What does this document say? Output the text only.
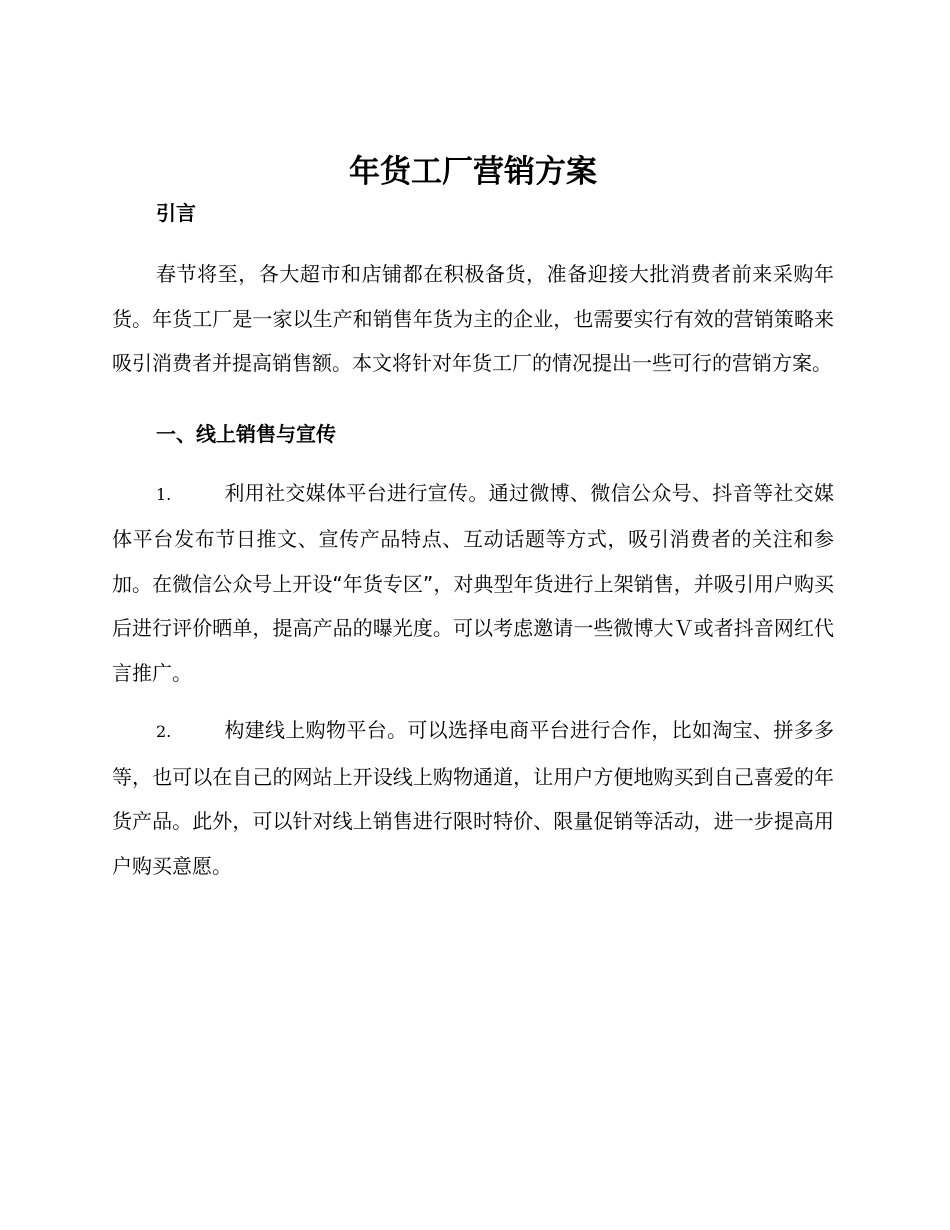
年货工厂营销方案
引言

春节将至，各大超市和店铺都在积极备货，准备迎接大批消费者前来采购年货。年货工厂是一家以生产和销售年货为主的企业，也需要实行有效的营销策略来吸引消费者并提高销售额。本文将针对年货工厂的情况提出一些可行的营销方案。

一、线上销售与宣传

1.	利用社交媒体平台进行宣传。通过微博、微信公众号、抖音等社交媒体平台发布节日推文、宣传产品特点、互动话题等方式，吸引消费者的关注和参加。在微信公众号上开设“年货专区”，对典型年货进行上架销售，并吸引用户购买后进行评价晒单，提高产品的曝光度。可以考虑邀请一些微博大Ｖ或者抖音网红代言推广。

2.	构建线上购物平台。可以选择电商平台进行合作，比如淘宝、拼多多等，也可以在自己的网站上开设线上购物通道，让用户方便地购买到自己喜爱的年货产品。此外，可以针对线上销售进行限时特价、限量促销等活动，进一步提高用户购买意愿。
